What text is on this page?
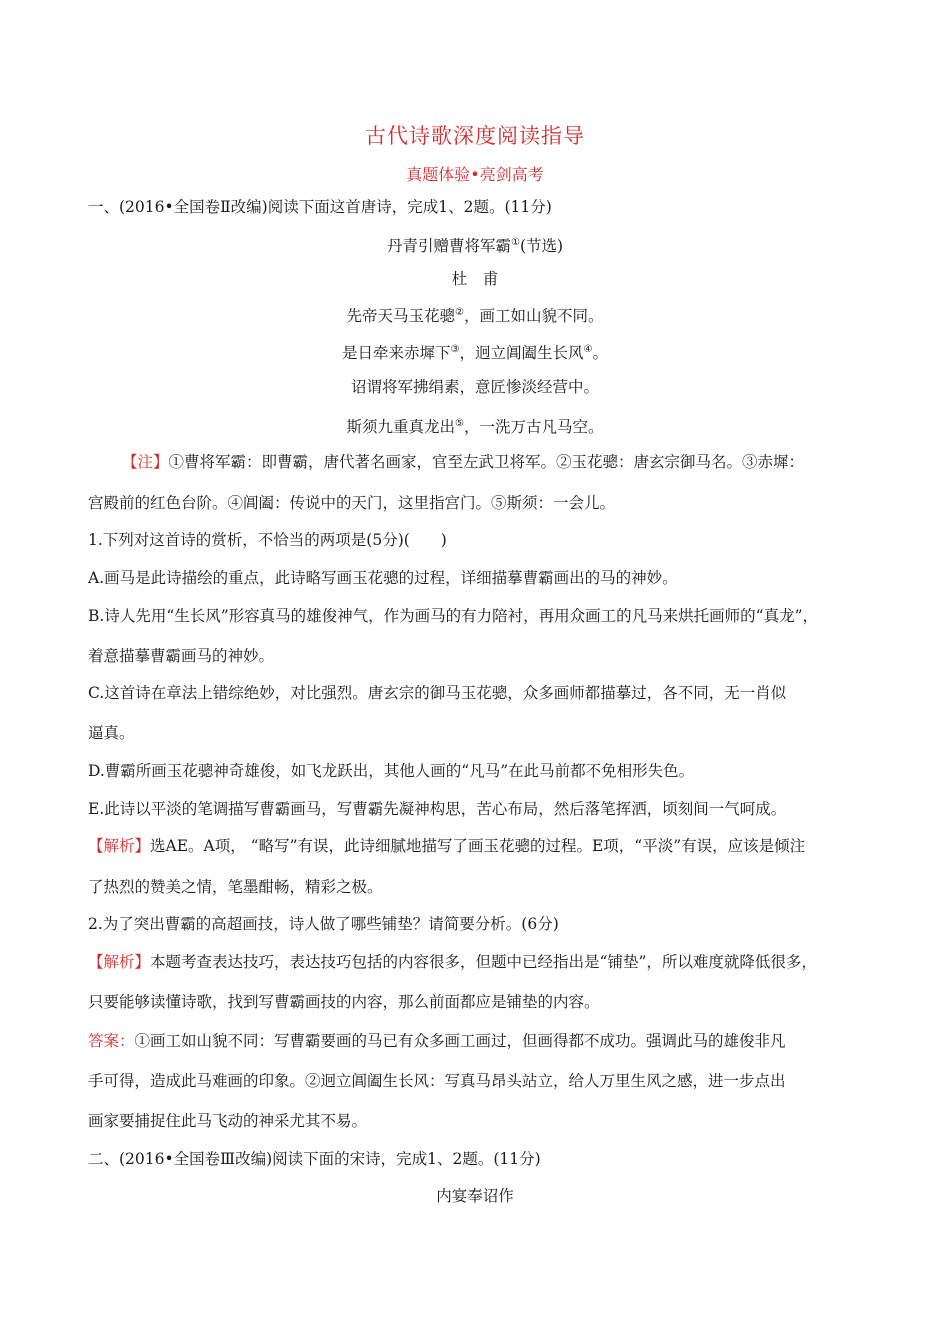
古代诗歌深度阅读指导
真题体验•亮剑高考
一、(2016•全国卷Ⅱ改编)阅读下面这首唐诗，完成1、2题。(11分)
丹青引赠曹将军霸①(节选)
杜　甫
先帝天马玉花骢②，画工如山貌不同。
是日牵来赤墀下③，迥立阊阖生长风④。
诏谓将军拂绢素，意匠惨淡经营中。
斯须九重真龙出⑤，一洗万古凡马空。
【注】①曹将军霸：即曹霸，唐代著名画家，官至左武卫将军。②玉花骢：唐玄宗御马名。③赤墀：
宫殿前的红色台阶。④阊阖：传说中的天门，这里指宫门。⑤斯须：一会儿。
1.下列对这首诗的赏析，不恰当的两项是(5分)(　　)
A.画马是此诗描绘的重点，此诗略写画玉花骢的过程，详细描摹曹霸画出的马的神妙。
B.诗人先用“生长风”形容真马的雄俊神气，作为画马的有力陪衬，再用众画工的凡马来烘托画师的“真龙”，
着意描摹曹霸画马的神妙。
C.这首诗在章法上错综绝妙，对比强烈。唐玄宗的御马玉花骢，众多画师都描摹过，各不同，无一肖似
逼真。
D.曹霸所画玉花骢神奇雄俊，如飞龙跃出，其他人画的“凡马”在此马前都不免相形失色。
E.此诗以平淡的笔调描写曹霸画马，写曹霸先凝神构思，苦心布局，然后落笔挥洒，顷刻间一气呵成。
【解析】选AE。A项， “略写”有误，此诗细腻地描写了画玉花骢的过程。E项，“平淡”有误，应该是倾注
了热烈的赞美之情，笔墨酣畅，精彩之极。
2.为了突出曹霸的高超画技，诗人做了哪些铺垫？请简要分析。(6分)
【解析】本题考查表达技巧，表达技巧包括的内容很多，但题中已经指出是“铺垫”，所以难度就降低很多，
只要能够读懂诗歌，找到写曹霸画技的内容，那么前面都应是铺垫的内容。
答案：①画工如山貌不同：写曹霸要画的马已有众多画工画过，但画得都不成功。强调此马的雄俊非凡
手可得，造成此马难画的印象。②迥立阊阖生长风：写真马昂头站立，给人万里生风之感，进一步点出
画家要捕捉住此马飞动的神采尤其不易。
二、(2016•全国卷Ⅲ改编)阅读下面的宋诗，完成1、2题。(11分)
内宴奉诏作
